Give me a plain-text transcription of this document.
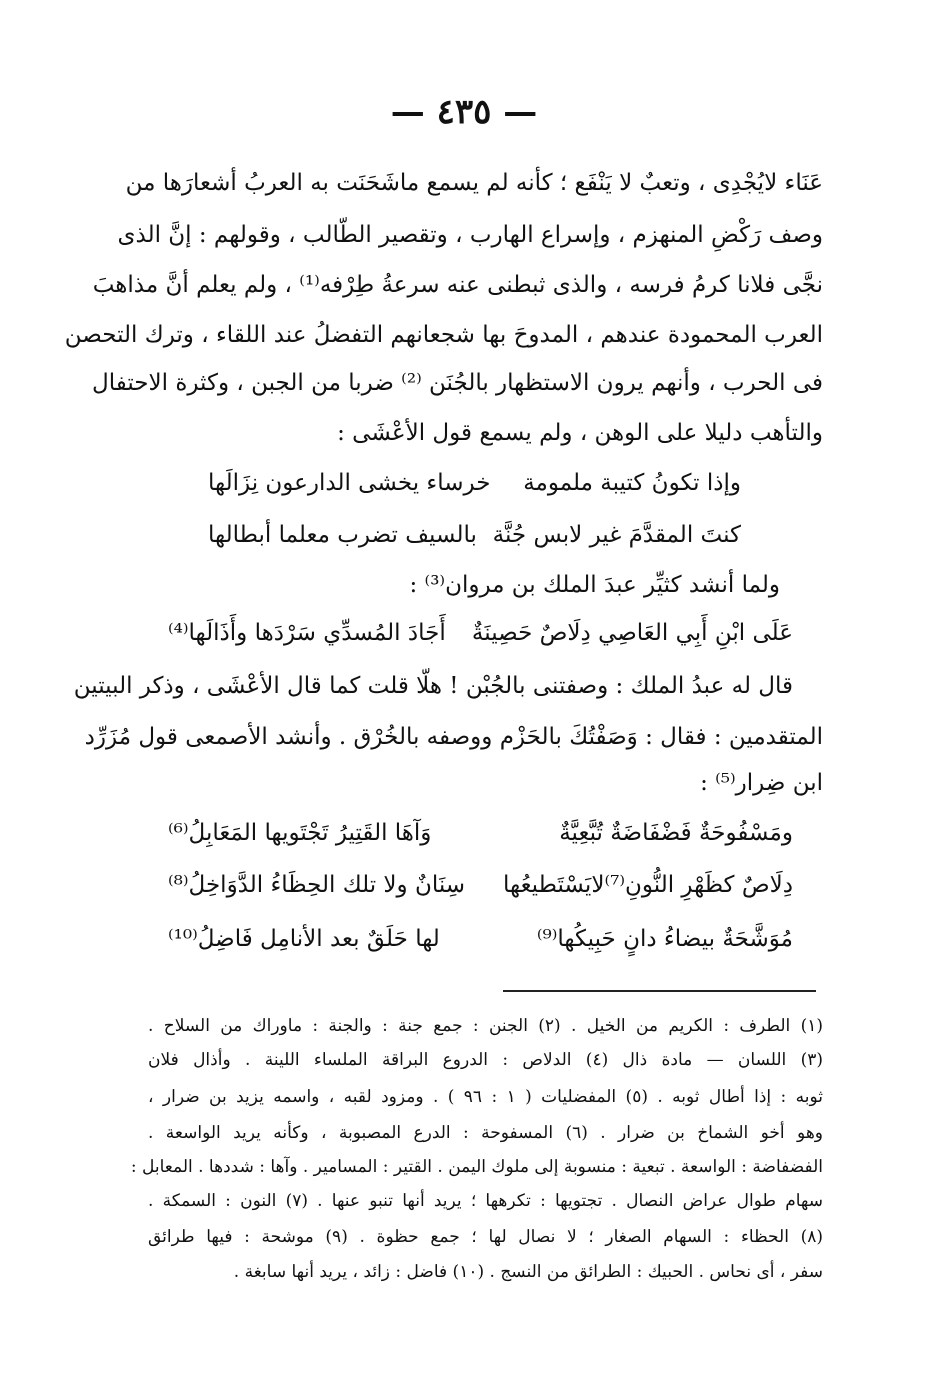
— ٤٣٥ —
عَنَاء لايُجْدِى ، وتعبٌ لا يَنْفَع ؛ كأنه لم يسمع ماشَحَنَت به العربُ أشعارَها من
وصف رَكْضِ المنهزم ، وإسراع الهارب ، وتقصير الطّالب ، وقولهم : إنَّ الذى
نجَّى فلانا كرمُ فرسه ، والذى ثبطنى عنه سرعةُ طِرْفه⁽¹⁾ ، ولم يعلم أنَّ مذاهبَ
العرب المحمودة عندهم ، المدوحَ بها شجعانهم التفضلُ عند اللقاء ، وترك التحصن
فى الحرب ، وأنهم يرون الاستظهار بالجُنَن ⁽²⁾ ضربا من الجبن ، وكثرة الاحتفال
والتأهب دليلا على الوهن ، ولم يسمع قول الأعْشَى :
وإذا تكونُ كتيبة ملمومة
خرساء يخشى الدارعون نِزَالَها
كنتَ المقدَّمَ غير لابس جُنَّة
بالسيف تضرب معلما أبطالها
ولما أنشد كثيِّر عبدَ الملك بن مروان⁽³⁾ :
عَلَى ابْنِ أَبِي العَاصِي دِلَاصٌ حَصِينَةٌ
أَجَادَ المُسدِّي سَرْدَها وأَذَالَها⁽⁴⁾
قال له عبدُ الملك : وصفتنى بالجُبْن ! هلّا قلت كما قال الأعْشَى ، وذكر البيتين
المتقدمين : فقال : وَصَفْتُكَ بالحَزْم ووصفه بالخُرْق . وأنشد الأصمعى قول مُزَرِّد
ابن ضِرار⁽⁵⁾ :
ومَسْفُوحَةٌ فَضْفَاضَةٌ تُبَّعِيَّةٌ
وَآهَا القَتِيرُ تَجْتَويها المَعَابِلُ⁽⁶⁾
دِلَاصٌ كظَهْرِ النُّونِ⁽⁷⁾لايَسْتَطيعُها
سِنَانٌ ولا تلك الحِظَاءُ الدَّوَاخِلُ⁽⁸⁾
مُوَشَّحَةٌ بيضاءُ دانٍ حَبِيكُها⁽⁹⁾
لها حَلَقٌ بعد الأنامِل فَاضِلُ⁽¹⁰⁾
(١) الطرف : الكريم من الخيل . (٢) الجنن : جمع جنة : والجنة : ماوراك من السلاح .
(٣) اللسان — مادة ذال (٤) الدلاص : الدروع البراقة الملساء اللينة . وأذال فلان
ثوبه : إذا أطال ثوبه . (٥) المفضليات ( ١ : ٩٦ ) . ومزود لقبه ، واسمه يزيد بن ضرار ،
وهو أخو الشماخ بن ضرار . (٦) المسفوحة : الدرع المصبوبة ، وكأنه يريد الواسعة .
الفضفاضة : الواسعة . تبعية : منسوبة إلى ملوك اليمن . القتير : المسامير . وآها : شددها . المعابل :
سهام طوال عراض النصال . تجتويها : تكرهها ؛ يريد أنها تنبو عنها . (٧) النون : السمكة .
(٨) الحظاء : السهام الصغار ؛ لا نصال لها ؛ جمع حظوة . (٩) موشحة : فيها طرائق
سفر ، أى نحاس . الحبيك : الطرائق من النسج . (١٠) فاضل : زائد ، يريد أنها سابغة .
